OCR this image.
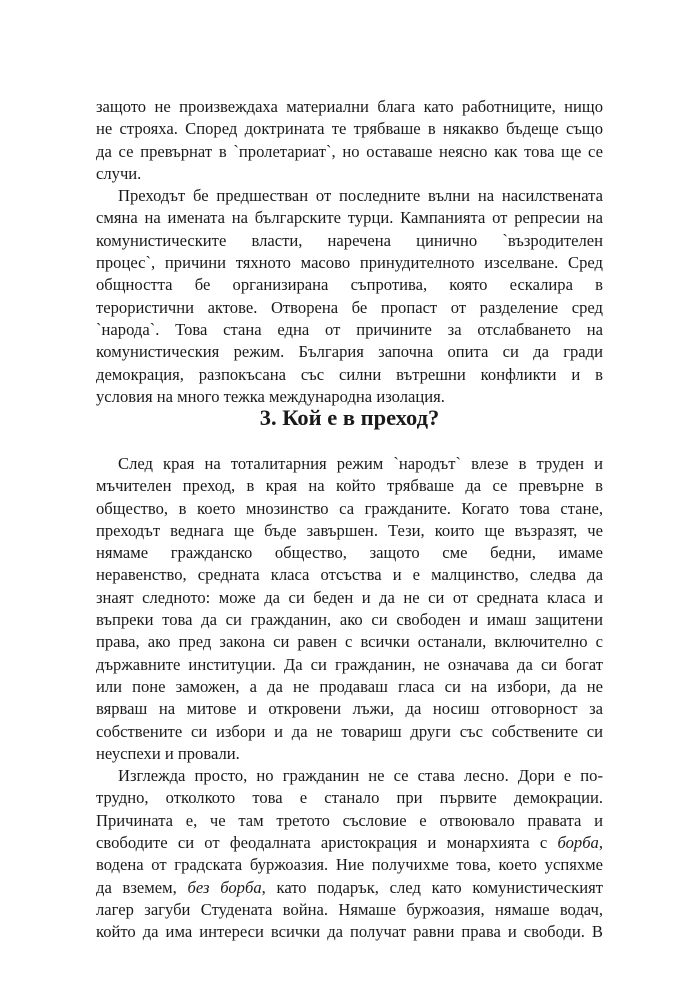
защото не произвеждаха материални блага като работниците, нищо
не строяха. Според доктрината те трябваше в някакво бъдеще също
да се превърнат в `пролетариат`, но оставаше неясно как това ще се
случи.
Преходът бе предшестван от последните вълни на насилствената
смяна на имената на българските турци. Кампанията от репресии на
комунистическите власти, наречена цинично `възродителен
процес`, причини тяхното масово принудителното изселване. Сред
общността бе организирана съпротива, която ескалира в
терористични актове. Отворена бе пропаст от разделение сред
`народа`. Това стана една от причините за отслабването на
комунистическия режим. България започна опита си да гради
демокрация, разпокъсана със силни вътрешни конфликти и в
условия на много тежка международна изолация.
3. Кой е в преход?
След края на тоталитарния режим `народът` влезе в труден и
мъчителен преход, в края на който трябваше да се превърне в
общество, в което мнозинство са гражданите. Когато това стане,
преходът веднага ще бъде завършен. Тези, които ще възразят, че
нямаме гражданско общество, защото сме бедни, имаме
неравенство, средната класа отсъства и е малцинство, следва да
знаят следното: може да си беден и да не си от средната класа и
въпреки това да си гражданин, ако си свободен и имаш защитени
права, ако пред закона си равен с всички останали, включително с
държавните институции. Да си гражданин, не означава да си богат
или поне заможен, а да не продаваш гласа си на избори, да не
вярваш на митове и откровени лъжи, да носиш отговорност за
собствените си избори и да не товариш други със собствените си
неуспехи и провали.
Изглежда просто, но гражданин не се става лесно. Дори е по-
трудно, отколкото това е станало при първите демокрации.
Причината е, че там третото съсловие е отвоювало правата и
свободите си от феодалната аристокрация и монархията с борба,
водена от градската буржоазия. Ние получихме това, което успяхме
да вземем, без борба, като подарък, след като комунистическият
лагер загуби Студената война. Нямаше буржоазия, нямаше водач,
който да има интереси всички да получат равни права и свободи. В
